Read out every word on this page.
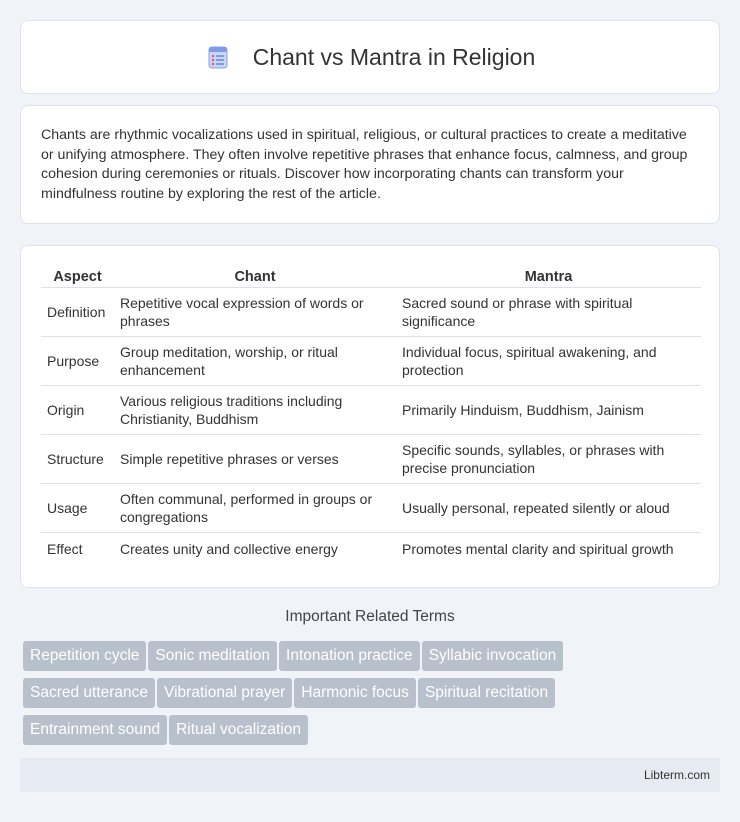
Chant vs Mantra in Religion

Chants are rhythmic vocalizations used in spiritual, religious, or cultural practices to create a meditative or unifying atmosphere. They often involve repetitive phrases that enhance focus, calmness, and group cohesion during ceremonies or rituals. Discover how incorporating chants can transform your mindfulness routine by exploring the rest of the article.

Aspect	Chant	Mantra
Definition	Repetitive vocal expression of words or phrases	Sacred sound or phrase with spiritual significance
Purpose	Group meditation, worship, or ritual enhancement	Individual focus, spiritual awakening, and protection
Origin	Various religious traditions including Christianity, Buddhism	Primarily Hinduism, Buddhism, Jainism
Structure	Simple repetitive phrases or verses	Specific sounds, syllables, or phrases with precise pronunciation
Usage	Often communal, performed in groups or congregations	Usually personal, repeated silently or aloud
Effect	Creates unity and collective energy	Promotes mental clarity and spiritual growth
Important Related Terms
Repetition cycle Sonic meditation Intonation practice Syllabic invocation
Sacred utterance Vibrational prayer Harmonic focus Spiritual recitation
Entrainment sound Ritual vocalization
Libterm.com
